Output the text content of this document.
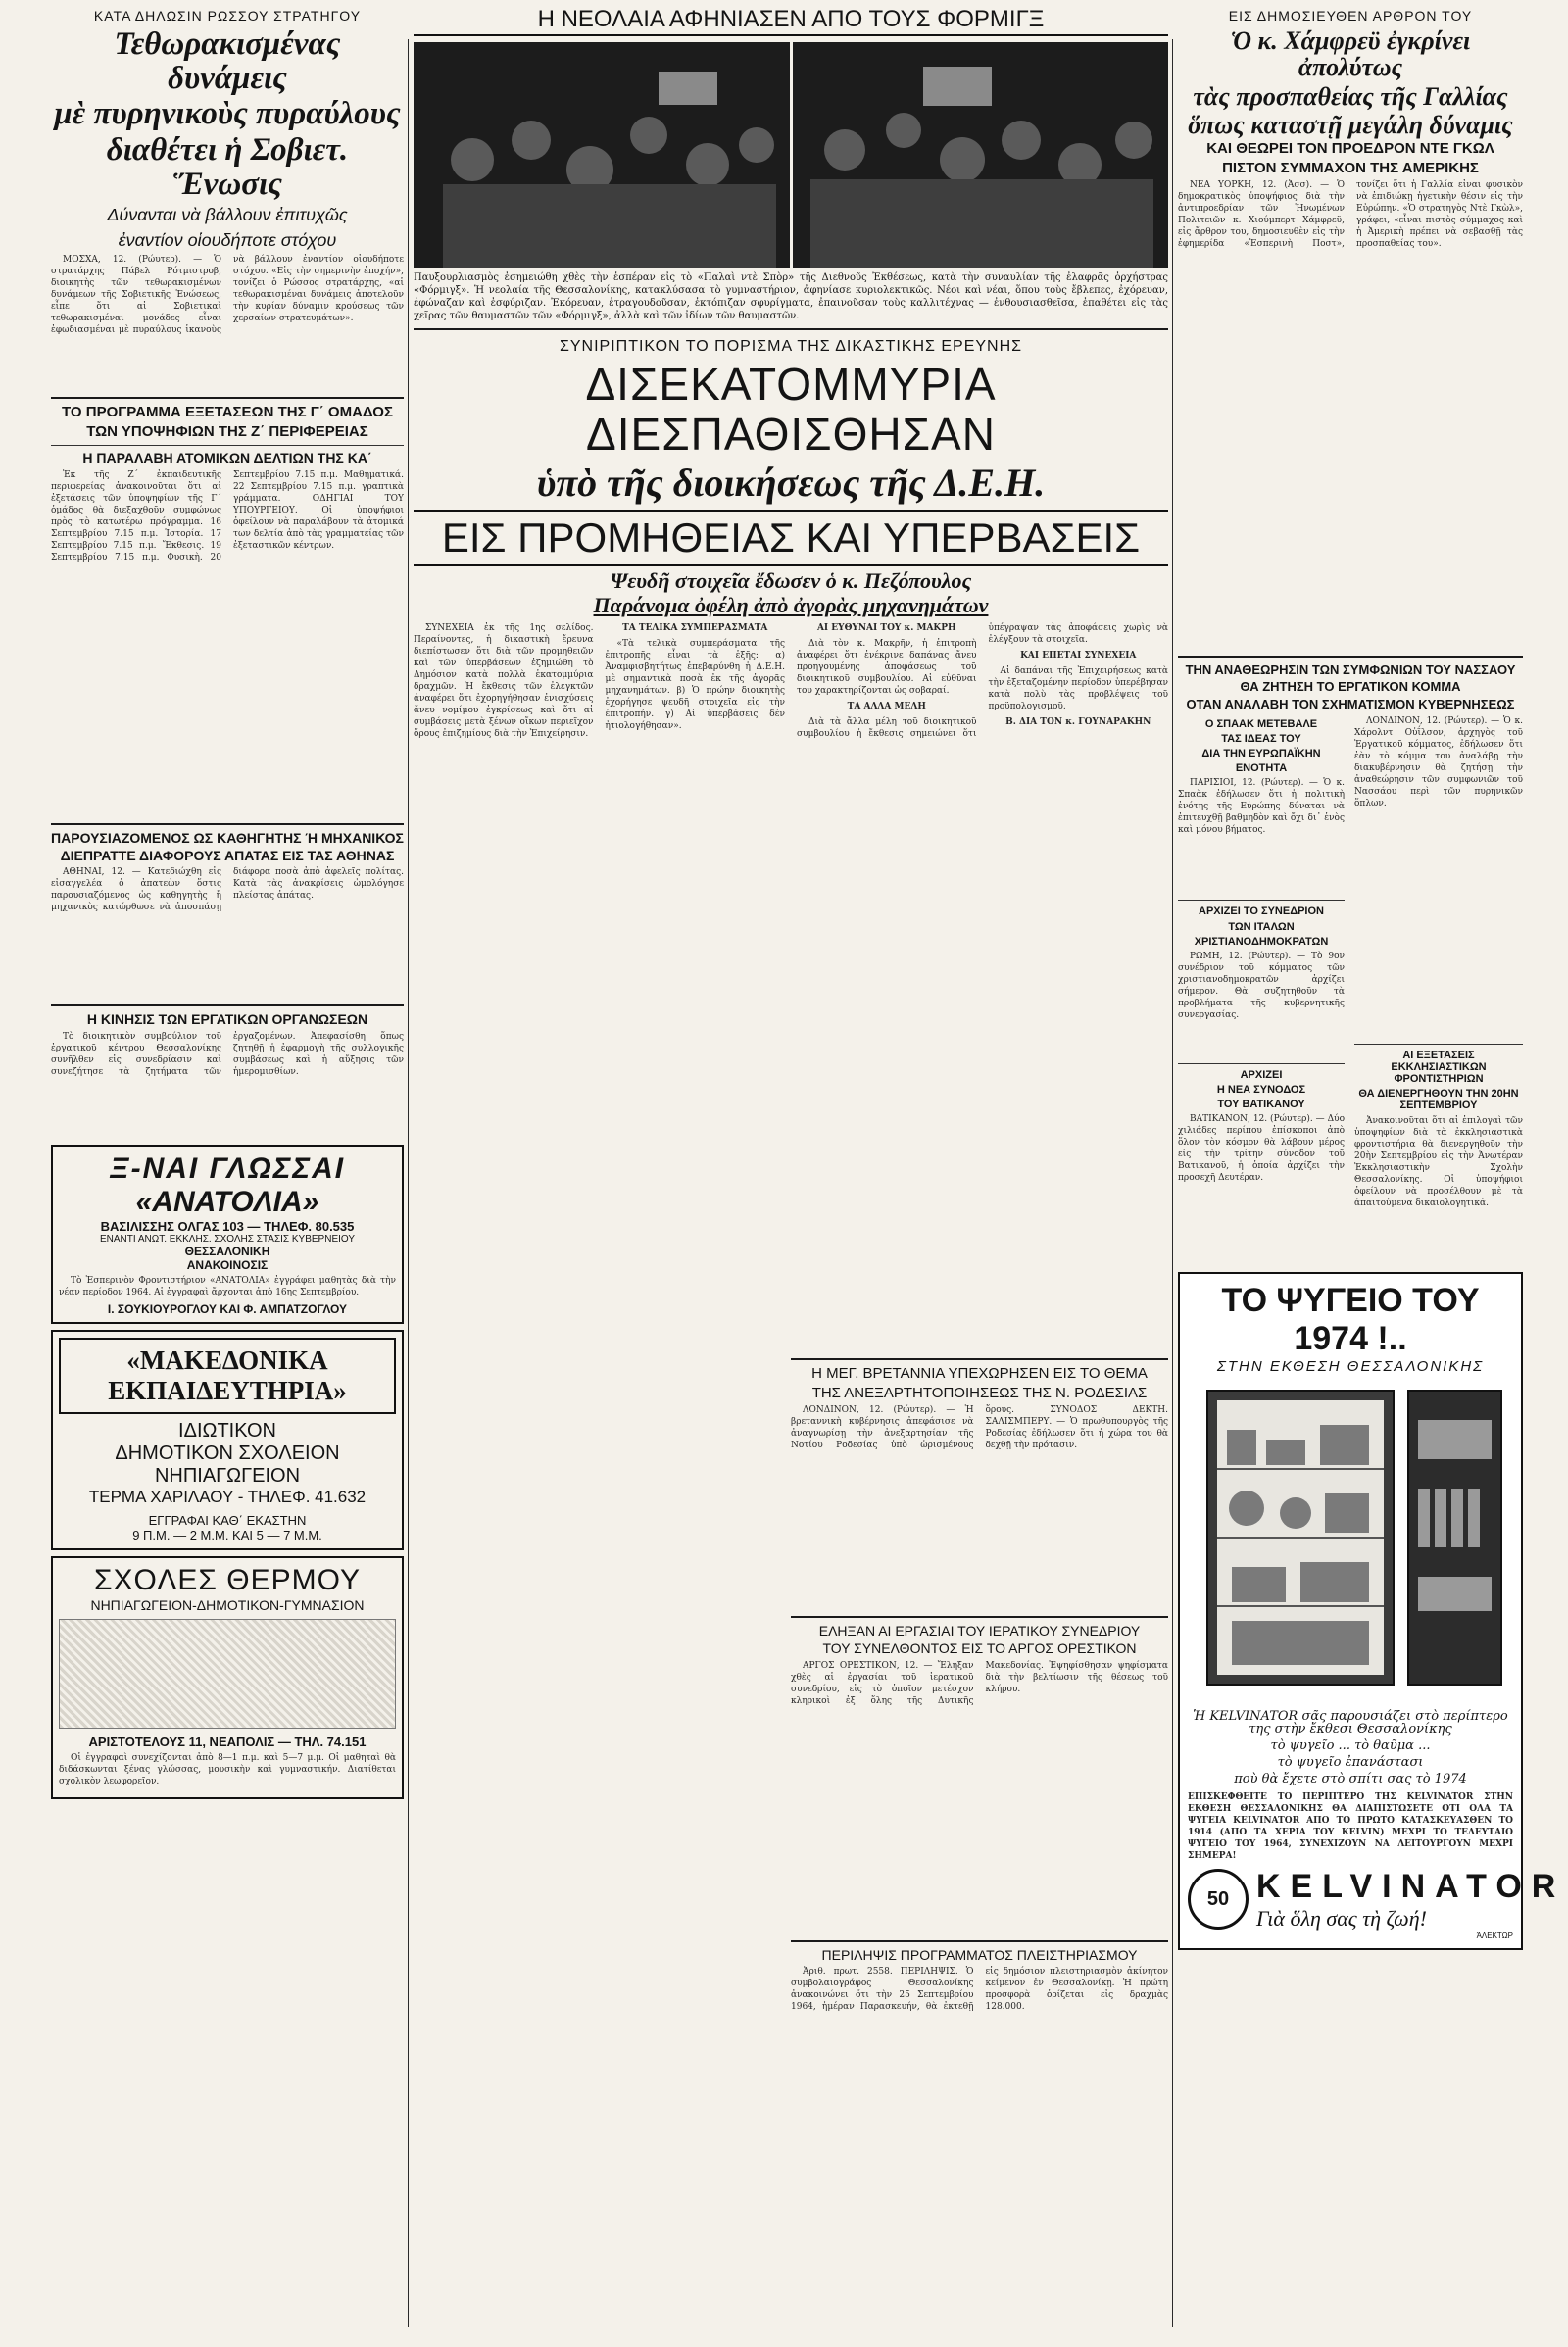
ΚΑΤΑ ΔΗΛΩΣΙΝ ΡΩΣΣΟΥ ΣΤΡΑΤΗΓΟΥ
Τεθωρακισμένας δυνάμεις
μὲ πυρηνικοὺς πυραύλους
διαθέτει ἡ Σοβιετ. Ἕνωσις
Δύνανται νὰ βάλλουν ἐπιτυχῶς
ἐναντίον οἱουδήποτε στόχου

ΜΟΣΧΑ, 12. (Ρώυτερ). — Ὁ στρατάρχης Πάβελ Ρότμιστροβ, διοικητὴς τῶν τεθωρακισμένων δυνάμεων τῆς Σοβιετικῆς Ἑνώσεως, εἶπε ὅτι αἱ Σοβιετικαὶ τεθωρακισμέναι μονάδες εἶναι ἐφωδιασμέναι μὲ πυραύλους ἱκανοὺς νὰ βάλλουν ἐναντίον οἱουδήποτε στόχου. «Εἰς τὴν σημερινὴν ἐποχήν», τονίζει ὁ Ρώσσος στρατάρχης, «αἱ τεθωρακισμέναι δυνάμεις ἀποτελοῦν τὴν κυρίαν δύναμιν κρούσεως τῶν χερσαίων στρατευμάτων».

ΤΟ ΠΡΟΓΡΑΜΜΑ ΕΞΕΤΑΣΕΩΝ ΤΗΣ Γ΄ ΟΜΑΔΟΣ
ΤΩΝ ΥΠΟΨΗΦΙΩΝ ΤΗΣ Ζ΄ ΠΕΡΙΦΕΡΕΙΑΣ
Η ΠΑΡΑΛΑΒΗ ΑΤΟΜΙΚΩΝ ΔΕΛΤΙΩΝ ΤΗΣ ΚΑ΄

Ἐκ τῆς Ζ΄ ἐκπαιδευτικῆς περιφερείας ἀνακοινοῦται ὅτι αἱ ἐξετάσεις τῶν ὑποψηφίων τῆς Γ΄ ὁμάδος θὰ διεξαχθοῦν συμφώνως πρὸς τὸ κατωτέρω πρόγραμμα. 16 Σεπτεμβρίου 7.15 π.μ. Ἱστορία. 17 Σεπτεμβρίου 7.15 π.μ. Ἔκθεσις. 19 Σεπτεμβρίου 7.15 π.μ. Φυσικὴ. 20 Σεπτεμβρίου 7.15 π.μ. Μαθηματικά. 22 Σεπτεμβρίου 7.15 π.μ. γραπτικὰ γράμματα. ΟΔΗΓΙΑΙ ΤΟΥ ΥΠΟΥΡΓΕΙΟΥ. Οἱ ὑποψήφιοι ὀφείλουν νὰ παραλάβουν τὰ ἀτομικά των δελτία ἀπὸ τὰς γραμματείας τῶν ἐξεταστικῶν κέντρων.

ΠΑΡΟΥΣΙΑΖΟΜΕΝΟΣ ΩΣ ΚΑΘΗΓΗΤΗΣ Ή ΜΗΧΑΝΙΚΟΣ
ΔΙΕΠΡΑΤΤΕ ΔΙΑΦΟΡΟΥΣ ΑΠΑΤΑΣ ΕΙΣ ΤΑΣ ΑΘΗΝΑΣ

ΑΘΗΝΑΙ, 12. — Κατεδιώχθη εἰς εἰσαγγελέα ὁ ἀπατεὼν ὅστις παρουσιαζόμενος ὡς καθηγητὴς ἢ μηχανικὸς κατώρθωσε νὰ ἀποσπάσῃ διάφορα ποσὰ ἀπὸ ἀφελεῖς πολίτας. Κατὰ τὰς ἀνακρίσεις ὡμολόγησε πλείστας ἀπάτας.

Η ΚΙΝΗΣΙΣ ΤΩΝ ΕΡΓΑΤΙΚΩΝ ΟΡΓΑΝΩΣΕΩΝ

Τὸ διοικητικὸν συμβούλιον τοῦ ἐργατικοῦ κέντρου Θεσσαλονίκης συνῆλθεν εἰς συνεδρίασιν καὶ συνεζήτησε τὰ ζητήματα τῶν ἐργαζομένων. Ἀπεφασίσθη ὅπως ζητηθῇ ἡ ἐφαρμογὴ τῆς συλλογικῆς συμβάσεως καὶ ἡ αὔξησις τῶν ἡμερομισθίων.

Ξ-ΝΑΙ ΓΛΩΣΣΑΙ
«ΑΝΑΤΟΛΙΑ»
ΒΑΣΙΛΙΣΣΗΣ ΟΛΓΑΣ 103 — ΤΗΛΕΦ. 80.535
ΕΝΑΝΤΙ ΑΝΩΤ. ΕΚΚΛΗΣ. ΣΧΟΛΗΣ ΣΤΑΣΙΣ ΚΥΒΕΡΝΕΙΟΥ
ΘΕΣΣΑΛΟΝΙΚΗ
ΑΝΑΚΟΙΝΟΣΙΣ

Τὸ Ἑσπερινὸν Φροντιστήριον «ΑΝΑΤΟΛΙΑ» ἐγγράφει μαθητὰς διὰ τὴν νέαν περίοδον 1964. Αἱ ἐγγραφαὶ ἄρχονται ἀπὸ 16ης Σεπτεμβρίου.

Ι. ΣΟΥΚΙΟΥΡΟΓΛΟΥ ΚΑΙ Φ. ΑΜΠΑΤΖΟΓΛΟΥ
«ΜΑΚΕΔΟΝΙΚΑ ΕΚΠΑΙΔΕΥΤΗΡΙΑ»
ΙΔΙΩΤΙΚΟΝ
ΔΗΜΟΤΙΚΟΝ ΣΧΟΛΕΙΟΝ
ΝΗΠΙΑΓΩΓΕΙΟΝ
ΤΕΡΜΑ ΧΑΡΙΛΑΟΥ - ΤΗΛΕΦ. 41.632
ΕΓΓΡΑΦΑΙ ΚΑΘ΄ ΕΚΑΣΤΗΝ
9 Π.Μ. — 2 Μ.Μ. ΚΑΙ 5 — 7 Μ.Μ.
ΣΧΟΛΕΣ ΘΕΡΜΟΥ
ΝΗΠΙΑΓΩΓΕΙΟΝ-ΔΗΜΟΤΙΚΟΝ-ΓΥΜΝΑΣΙΟΝ
ΑΡΙΣΤΟΤΕΛΟΥΣ 11, ΝΕΑΠΟΛΙΣ — ΤΗΛ. 74.151

Οἱ ἐγγραφαὶ συνεχίζονται ἀπὸ 8—1 π.μ. καὶ 5—7 μ.μ. Οἱ μαθηταὶ θὰ διδάσκωνται ξένας γλώσσας, μουσικὴν καὶ γυμναστικήν. Διατίθεται σχολικὸν λεωφορεῖον.

Η ΝΕΟΛΑΙΑ ΑΦΗΝΙΑΣΕΝ ΑΠΟ ΤΟΥΣ ΦΟΡΜΙΓΞ
Παυξουρλιασμὸς ἐσημειώθη χθὲς τὴν ἑσπέραν εἰς τὸ «Παλαὶ ντὲ Σπὸρ» τῆς Διεθνοῦς Ἐκθέσεως, κατὰ τὴν συναυλίαν τῆς ἐλαφρᾶς ὀρχήστρας «Φόρμιγξ». Ἡ νεολαία τῆς Θεσσαλονίκης, κατακλύσασα τὸ γυμναστήριον, ἀφηνίασε κυριολεκτικῶς. Νέοι καὶ νέαι, ὅπου τοὺς ἔβλεπες, ἐχόρευαν, ἐφώναζαν καὶ ἐσφύριζαν. Ἐκόρευαν, ἐτραγουδοῦσαν, ἐκτόπιζαν σφυρίγματα, ἐπαινοῦσαν τοὺς καλλιτέχνας — ἐνθουσιασθεῖσα, ἐπαθέτει εἰς τὰς χεῖρας τῶν θαυμαστῶν τῶν «Φόρμιγξ», ἀλλὰ καὶ τῶν ἰδίων τῶν θαυμαστῶν.
ΣΥΝΙΡΙΠΤΙΚΟΝ ΤΟ ΠΟΡΙΣΜΑ ΤΗΣ ΔΙΚΑΣΤΙΚΗΣ ΕΡΕΥΝΗΣ
ΔΙΣΕΚΑΤΟΜΜΥΡΙΑ ΔΙΕΣΠΑΘΙΣΘΗΣΑΝ
ὑπὸ τῆς διοικήσεως τῆς Δ.Ε.Η.
ΕΙΣ ΠΡΟΜΗΘΕΙΑΣ ΚΑΙ ΥΠΕΡΒΑΣΕΙΣ
Ψευδῆ στοιχεῖα ἔδωσεν ὁ κ. Πεζόπουλος
Παράνομα ὀφέλη ἀπὸ ἀγορὰς μηχανημάτων

ΣΥΝΕΧΕΙΑ ἐκ τῆς 1ης σελίδος. Περαίνοντες, ἡ δικαστικὴ ἔρευνα διεπίστωσεν ὅτι διὰ τῶν προμηθειῶν καὶ τῶν ὑπερβάσεων ἐζημιώθη τὸ Δημόσιον κατὰ πολλὰ ἑκατομμύρια δραχμῶν. Ἡ ἔκθεσις τῶν ἐλεγκτῶν ἀναφέρει ὅτι ἐχορηγήθησαν ἐνισχύσεις ἄνευ νομίμου ἐγκρίσεως καὶ ὅτι αἱ συμβάσεις μετὰ ξένων οἴκων περιεῖχον ὅρους ἐπιζημίους διὰ τὴν Ἐπιχείρησιν.

ΤΑ ΤΕΛΙΚΑ ΣΥΜΠΕΡΑΣΜΑΤΑ

«Τὰ τελικὰ συμπεράσματα τῆς ἐπιτροπῆς εἶναι τὰ ἑξῆς: α) Ἀναμφισβητήτως ἐπεβαρύνθη ἡ Δ.Ε.Η. μὲ σημαντικὰ ποσὰ ἐκ τῆς ἀγορᾶς μηχανημάτων. β) Ὁ πρώην διοικητὴς ἐχορήγησε ψευδῆ στοιχεῖα εἰς τὴν ἐπιτροπήν. γ) Αἱ ὑπερβάσεις δὲν ἠτιολογήθησαν».

ΑΙ ΕΥΘΥΝΑΙ ΤΟΥ κ. ΜΑΚΡΗ

Διὰ τὸν κ. Μακρῆν, ἡ ἐπιτροπὴ ἀναφέρει ὅτι ἐνέκρινε δαπάνας ἄνευ προηγουμένης ἀποφάσεως τοῦ διοικητικοῦ συμβουλίου. Αἱ εὐθῦναι του χαρακτηρίζονται ὡς σοβαραί.

ΤΑ ΑΛΛΑ ΜΕΛΗ

Διὰ τὰ ἄλλα μέλη τοῦ διοικητικοῦ συμβουλίου ἡ ἔκθεσις σημειώνει ὅτι ὑπέγραψαν τὰς ἀποφάσεις χωρὶς νὰ ἐλέγξουν τὰ στοιχεῖα.

ΚΑΙ ΕΠΕΤΑΙ ΣΥΝΕΧΕΙΑ

Αἱ δαπάναι τῆς Ἐπιχειρήσεως κατὰ τὴν ἐξεταζομένην περίοδον ὑπερέβησαν κατὰ πολὺ τὰς προβλέψεις τοῦ προϋπολογισμοῦ.

Β. ΔΙΑ ΤΟΝ κ. ΓΟΥΝΑΡΑΚΗΝ

Η ΜΕΓ. ΒΡΕΤΑΝΝΙΑ ΥΠΕΧΩΡΗΣΕΝ ΕΙΣ ΤΟ ΘΕΜΑ
ΤΗΣ ΑΝΕΞΑΡΤΗΤΟΠΟΙΗΣΕΩΣ ΤΗΣ Ν. ΡΟΔΕΣΙΑΣ

ΛΟΝΔΙΝΟΝ, 12. (Ρώυτερ). — Ἡ βρεταννικὴ κυβέρνησις ἀπεφάσισε νὰ ἀναγνωρίσῃ τὴν ἀνεξαρτησίαν τῆς Νοτίου Ροδεσίας ὑπὸ ὡρισμένους ὅρους. ΣΥΝΟΔΟΣ ΔΕΚΤΗ. ΣΑΛΙΣΜΠΕΡΥ. — Ὁ πρωθυπουργὸς τῆς Ροδεσίας ἐδήλωσεν ὅτι ἡ χώρα του θὰ δεχθῇ τὴν πρότασιν.

ΕΛΗΞΑΝ ΑΙ ΕΡΓΑΣΙΑΙ ΤΟΥ ΙΕΡΑΤΙΚΟΥ ΣΥΝΕΔΡΙΟΥ
ΤΟΥ ΣΥΝΕΛΘΟΝΤΟΣ ΕΙΣ ΤΟ ΑΡΓΟΣ ΟΡΕΣΤΙΚΟΝ

ΑΡΓΟΣ ΟΡΕΣΤΙΚΟΝ, 12. — Ἔληξαν χθὲς αἱ ἐργασίαι τοῦ ἱερατικοῦ συνεδρίου, εἰς τὸ ὁποῖον μετέσχον κληρικοὶ ἐξ ὅλης τῆς Δυτικῆς Μακεδονίας. Ἐψηφίσθησαν ψηφίσματα διὰ τὴν βελτίωσιν τῆς θέσεως τοῦ κλήρου.

ΠΕΡΙΛΗΨΙΣ ΠΡΟΓΡΑΜΜΑΤΟΣ ΠΛΕΙΣΤΗΡΙΑΣΜΟΥ

Ἀριθ. πρωτ. 2558. ΠΕΡΙΛΗΨΙΣ. Ὁ συμβολαιογράφος Θεσσαλονίκης ἀνακοινώνει ὅτι τὴν 25 Σεπτεμβρίου 1964, ἡμέραν Παρασκευήν, θὰ ἐκτεθῇ εἰς δημόσιον πλειστηριασμὸν ἀκίνητον κείμενον ἐν Θεσσαλονίκῃ. Ἡ πρώτη προσφορὰ ὁρίζεται εἰς δραχμὰς 128.000.

ΕΙΣ ΔΗΜΟΣΙΕΥΘΕΝ ΑΡΘΡΟΝ ΤΟΥ
Ὁ κ. Χάμφρεϋ ἐγκρίνει ἀπολύτως
τὰς προσπαθείας τῆς Γαλλίας
ὅπως καταστῇ μεγάλη δύναμις
ΚΑΙ ΘΕΩΡΕΙ ΤΟΝ ΠΡΟΕΔΡΟΝ ΝΤΕ ΓΚΩΛ
ΠΙΣΤΟΝ ΣΥΜΜΑΧΟΝ ΤΗΣ ΑΜΕΡΙΚΗΣ

ΝΕΑ ΥΟΡΚΗ, 12. (Ἀσσ). — Ὁ δημοκρατικὸς ὑποψήφιος διὰ τὴν ἀντιπροεδρίαν τῶν Ἡνωμένων Πολιτειῶν κ. Χιούμπερτ Χάμφρεϋ, εἰς ἄρθρον του, δημοσιευθὲν εἰς τὴν ἐφημερίδα «Ἑσπερινὴ Ποστ», τονίζει ὅτι ἡ Γαλλία εἶναι φυσικὸν νὰ ἐπιδιώκῃ ἡγετικὴν θέσιν εἰς τὴν Εὐρώπην. «Ὁ στρατηγὸς Ντὲ Γκὼλ», γράφει, «εἶναι πιστὸς σύμμαχος καὶ ἡ Ἀμερικὴ πρέπει νὰ σεβασθῇ τὰς προσπαθείας του».

ΤΗΝ ΑΝΑΘΕΩΡΗΣΙΝ ΤΩΝ ΣΥΜΦΩΝΙΩΝ ΤΟΥ ΝΑΣΣΑΟΥ
ΘΑ ΖΗΤΗΣΗ ΤΟ ΕΡΓΑΤΙΚΟΝ ΚΟΜΜΑ
ΟΤΑΝ ΑΝΑΛΑΒΗ ΤΟΝ ΣΧΗΜΑΤΙΣΜΟΝ ΚΥΒΕΡΝΗΣΕΩΣ
Ο ΣΠΑΑΚ ΜΕΤΕΒΑΛΕ
ΤΑΣ ΙΔΕΑΣ ΤΟΥ
ΔΙΑ ΤΗΝ ΕΥΡΩΠΑΪΚΗΝ
ΕΝΟΤΗΤΑ

ΠΑΡΙΣΙΟΙ, 12. (Ρώυτερ). — Ὁ κ. Σπαὰκ ἐδήλωσεν ὅτι ἡ πολιτικὴ ἑνότης τῆς Εὐρώπης δύναται νὰ ἐπιτευχθῇ βαθμηδὸν καὶ ὄχι δι᾿ ἑνὸς καὶ μόνου βήματος.

ΑΡΧΙΖΕΙ ΤΟ ΣΥΝΕΔΡΙΟΝ
ΤΩΝ ΙΤΑΛΩΝ
ΧΡΙΣΤΙΑΝΟΔΗΜΟΚΡΑΤΩΝ

ΡΩΜΗ, 12. (Ρώυτερ). — Τὸ 9ον συνέδριον τοῦ κόμματος τῶν χριστιανοδημοκρατῶν ἀρχίζει σήμερον. Θὰ συζητηθοῦν τὰ προβλήματα τῆς κυβερνητικῆς συνεργασίας.

ΑΡΧΙΖΕΙ
Η ΝΕΑ ΣΥΝΟΔΟΣ
ΤΟΥ ΒΑΤΙΚΑΝΟΥ

ΒΑΤΙΚΑΝΟΝ, 12. (Ρώυτερ). — Δύο χιλιάδες περίπου ἐπίσκοποι ἀπὸ ὅλον τὸν κόσμον θὰ λάβουν μέρος εἰς τὴν τρίτην σύνοδον τοῦ Βατικανοῦ, ἡ ὁποία ἀρχίζει τὴν προσεχῆ Δευτέραν.

ΛΟΝΔΙΝΟΝ, 12. (Ρώυτερ). — Ὁ κ. Χάρολντ Οὐΐλσον, ἀρχηγὸς τοῦ Ἐργατικοῦ κόμματος, ἐδήλωσεν ὅτι ἐὰν τὸ κόμμα του ἀναλάβῃ τὴν διακυβέρνησιν θὰ ζητήσῃ τὴν ἀναθεώρησιν τῶν συμφωνιῶν τοῦ Νασσάου περὶ τῶν πυρηνικῶν ὅπλων.

ΑΙ ΕΞΕΤΑΣΕΙΣ ΕΚΚΛΗΣΙΑΣΤΙΚΩΝ ΦΡΟΝΤΙΣΤΗΡΙΩΝ
ΘΑ ΔΙΕΝΕΡΓΗΘΟΥΝ ΤΗΝ 20ΗΝ ΣΕΠΤΕΜΒΡΙΟΥ

Ἀνακοινοῦται ὅτι αἱ ἐπιλογαὶ τῶν ὑποψηφίων διὰ τὰ ἐκκλησιαστικὰ φροντιστήρια θὰ διενεργηθοῦν τὴν 20ὴν Σεπτεμβρίου εἰς τὴν Ἀνωτέραν Ἐκκλησιαστικὴν Σχολὴν Θεσσαλονίκης. Οἱ ὑποψήφιοι ὀφείλουν νὰ προσέλθουν μὲ τὰ ἀπαιτούμενα δικαιολογητικά.

ΤΟ ΨΥΓΕΙΟ ΤΟΥ 1974 !..
ΣΤΗΝ ΕΚΘΕΣΗ ΘΕΣΣΑΛΟΝΙΚΗΣ
Ἡ KELVINATOR σᾶς παρουσιάζει στὸ περίπτερο της στὴν ἔκθεσι Θεσσαλονίκης
τὸ ψυγεῖο ... τὸ θαῦμα ...
τὸ ψυγεῖο ἐπανάστασι
ποὺ θὰ ἔχετε στὸ σπίτι σας τὸ 1974

ΕΠΙΣΚΕΦΘΕΙΤΕ ΤΟ ΠΕΡΙΠΤΕΡΟ ΤΗΣ KELVINATOR ΣΤΗΝ ΕΚΘΕΣΗ ΘΕΣΣΑΛΟΝΙΚΗΣ ΘΑ ΔΙΑΠΙΣΤΩΣΕΤΕ ΟΤΙ ΟΛΑ ΤΑ ΨΥΓΕΙΑ KELVINATOR ΑΠΟ ΤΟ ΠΡΩΤΟ ΚΑΤΑΣΚΕΥΑΣΘΕΝ ΤΟ 1914 (ΑΠΟ ΤΑ ΧΕΡΙΑ ΤΟΥ KELVIN) ΜΕΧΡΙ ΤΟ ΤΕΛΕΥΤΑΙΟ ΨΥΓΕΙΟ ΤΟΥ 1964, ΣΥΝΕΧΙΖΟΥΝ ΝΑ ΛΕΙΤΟΥΡΓΟΥΝ ΜΕΧΡΙ ΣΗΜΕΡΑ!

50 KELVINATOR
Γιὰ ὅλη σας τὴ ζωή!
ΆΛΕΚΤΩΡ
